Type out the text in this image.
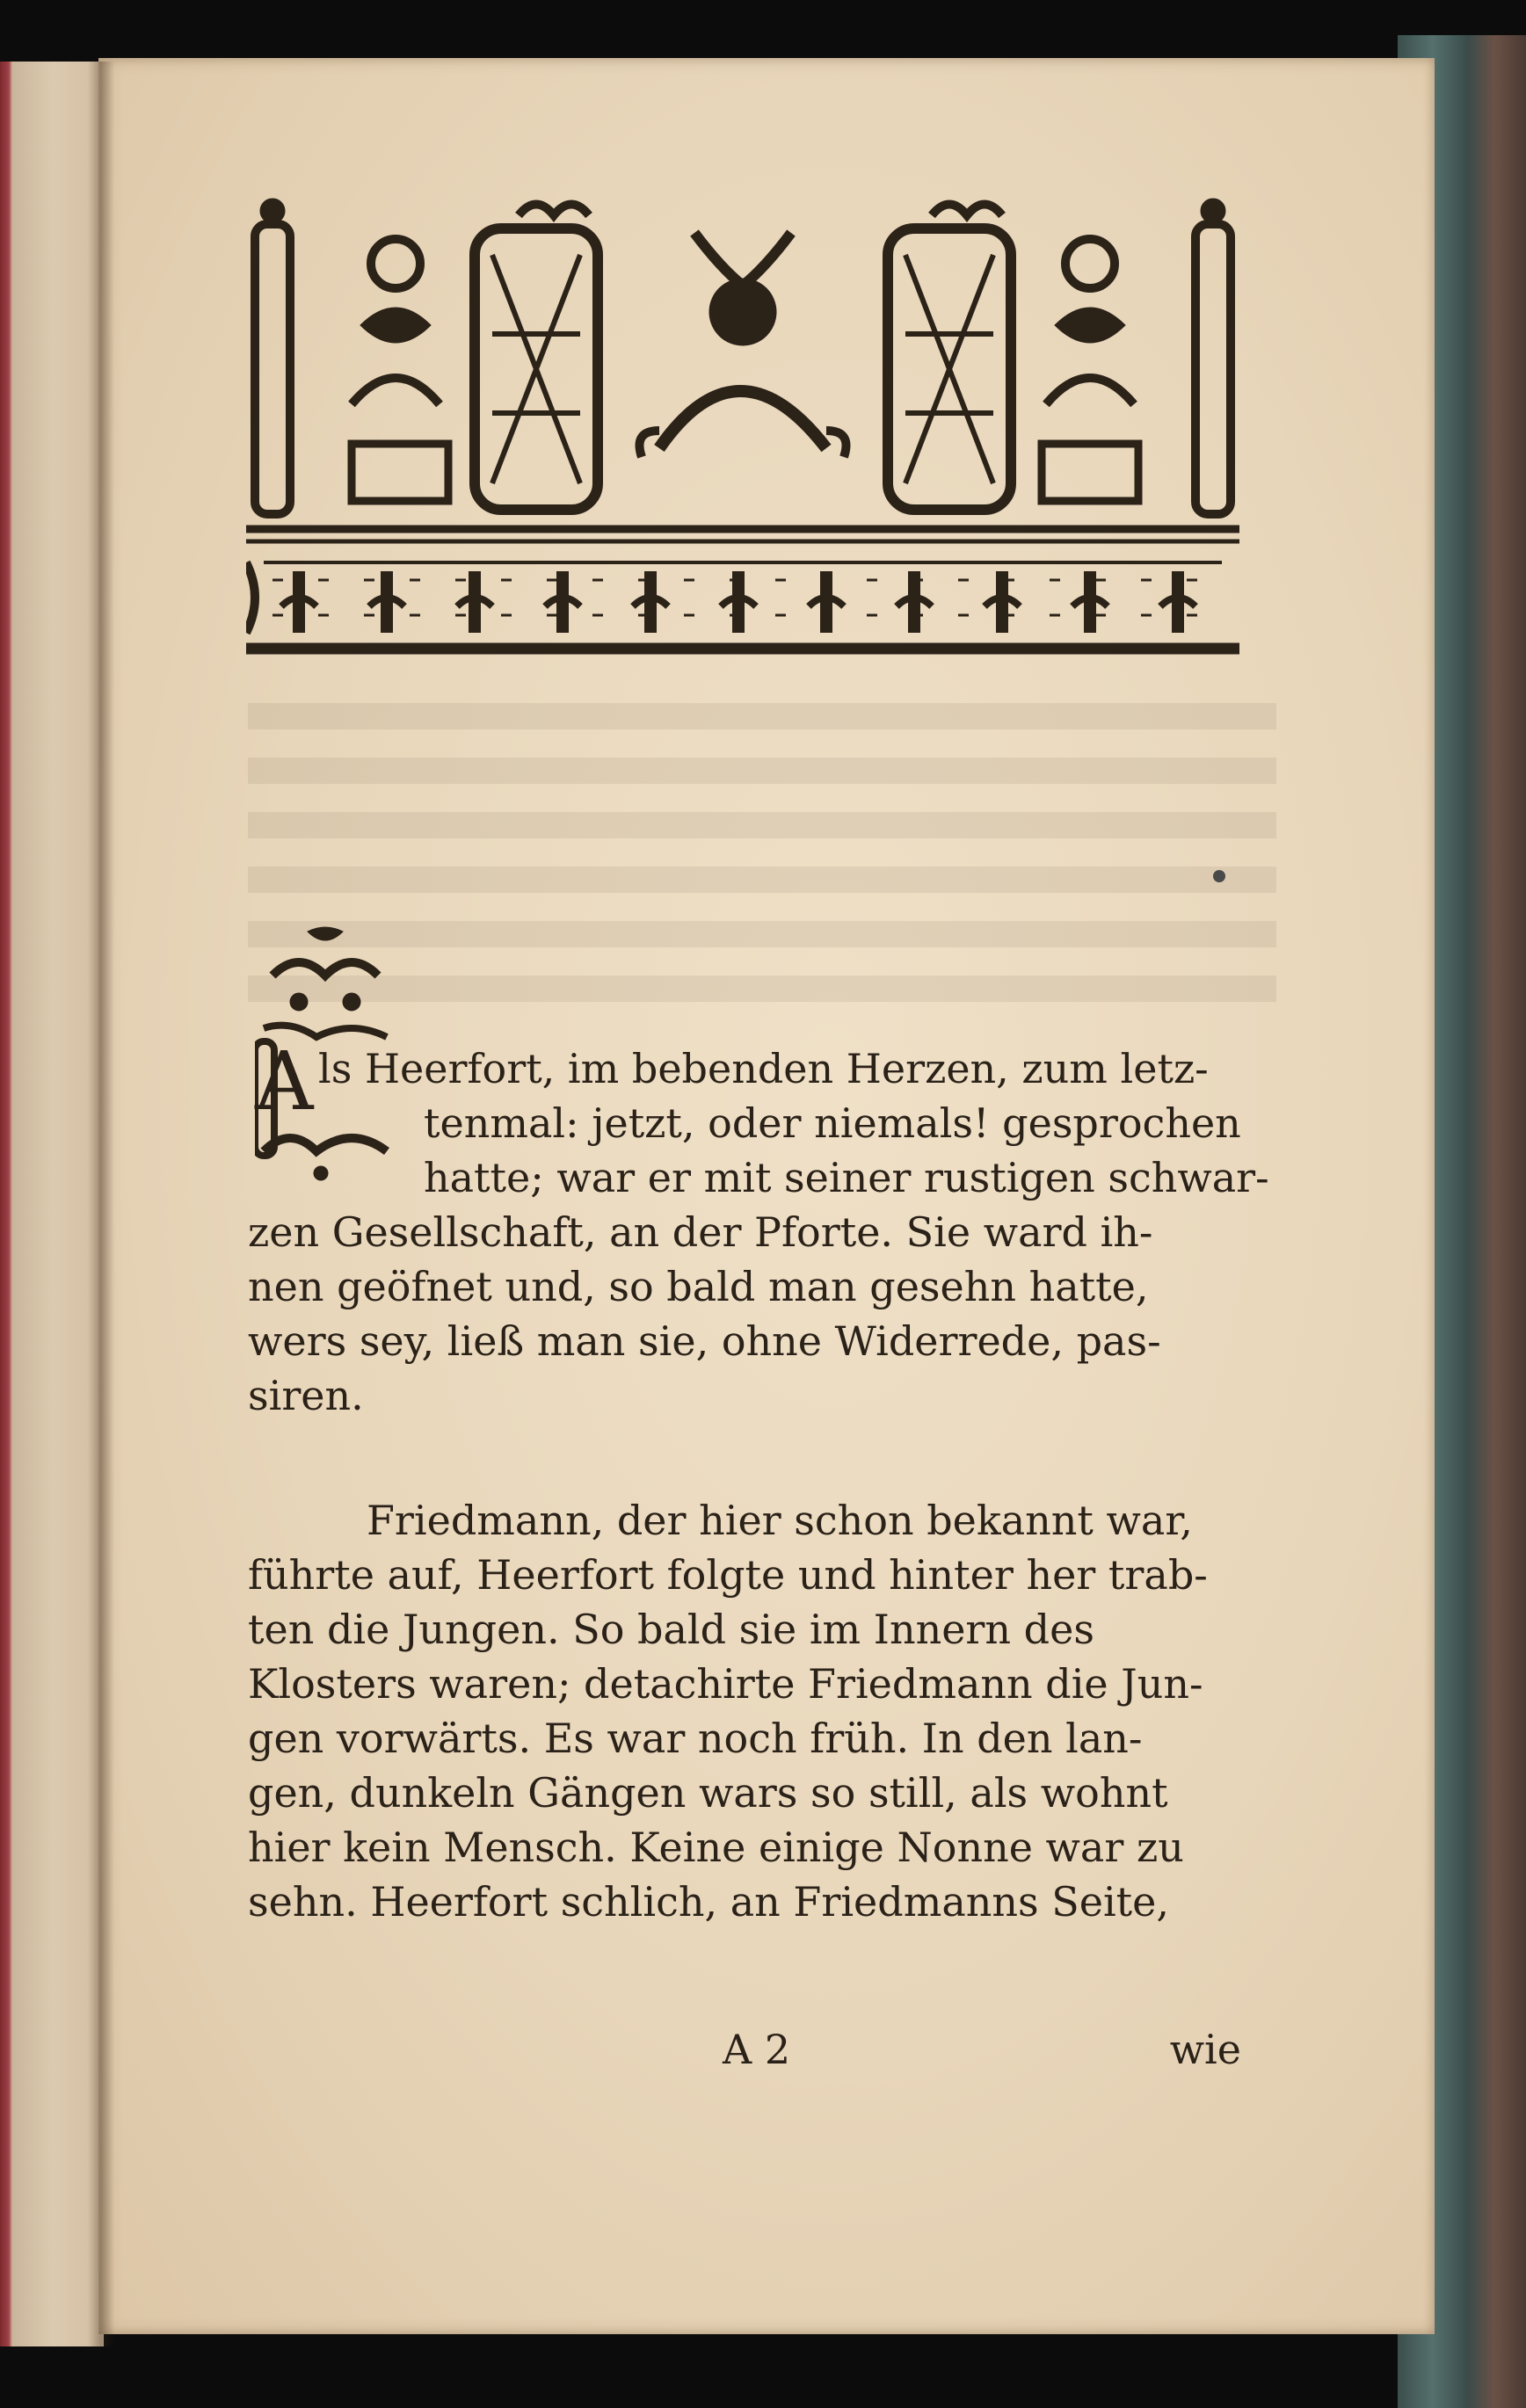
A ls Heerfort, im bebenden Herzen, zum letz-
tenmal: jetzt, oder niemals! gesprochen
hatte; war er mit seiner rustigen schwar-
zen Gesellschaft, an der Pforte. Sie ward ih-
nen geöfnet und, so bald man gesehn hatte,
wers sey, ließ man sie, ohne Widerrede, pas-
siren.
Friedmann, der hier schon bekannt war,
führte auf, Heerfort folgte und hinter her trab-
ten die Jungen. So bald sie im Innern des
Klosters waren; detachirte Friedmann die Jun-
gen vorwärts. Es war noch früh. In den lan-
gen, dunkeln Gängen wars so still, als wohnt
hier kein Mensch. Keine einige Nonne war zu
sehn. Heerfort schlich, an Friedmanns Seite,
A 2	wie
